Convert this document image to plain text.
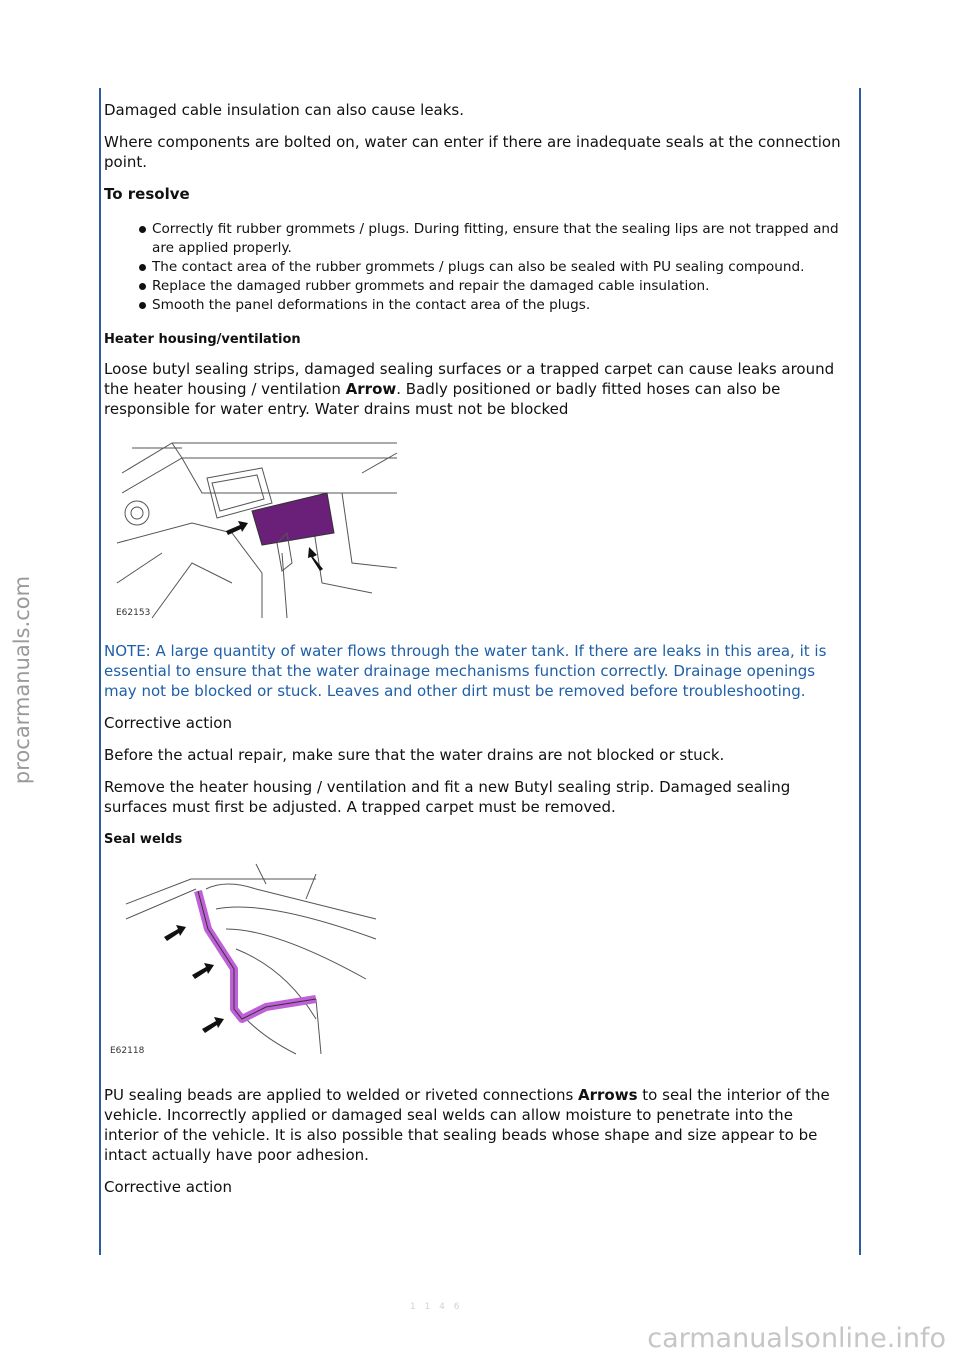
procarmanuals.com

Damaged cable insulation can also cause leaks.

Where components are bolted on, water can enter if there are inadequate seals at the connection point.

To resolve
Correctly fit rubber grommets / plugs. During fitting, ensure that the sealing lips are not trapped and are applied properly.
The contact area of the rubber grommets / plugs can also be sealed with PU sealing compound.
Replace the damaged rubber grommets and repair the damaged cable insulation.
Smooth the panel deformations in the contact area of the plugs.
Heater housing/ventilation

Loose butyl sealing strips, damaged sealing surfaces or a trapped carpet can cause leaks around the heater housing / ventilation Arrow. Badly positioned or badly fitted hoses can also be responsible for water entry. Water drains must not be blocked

E62153

NOTE: A large quantity of water flows through the water tank. If there are leaks in this area, it is essential to ensure that the water drainage mechanisms function correctly. Drainage openings may not be blocked or stuck. Leaves and other dirt must be removed before troubleshooting.

Corrective action

Before the actual repair, make sure that the water drains are not blocked or stuck.

Remove the heater housing / ventilation and fit a new Butyl sealing strip. Damaged sealing surfaces must first be adjusted. A trapped carpet must be removed.

Seal welds
E62118

PU sealing beads are applied to welded or riveted connections Arrows to seal the interior of the vehicle. Incorrectly applied or damaged seal welds can allow moisture to penetrate into the interior of the vehicle. It is also possible that sealing beads whose shape and size appear to be intact actually have poor adhesion.

Corrective action

1 1 4 6
carmanualsonline.info
